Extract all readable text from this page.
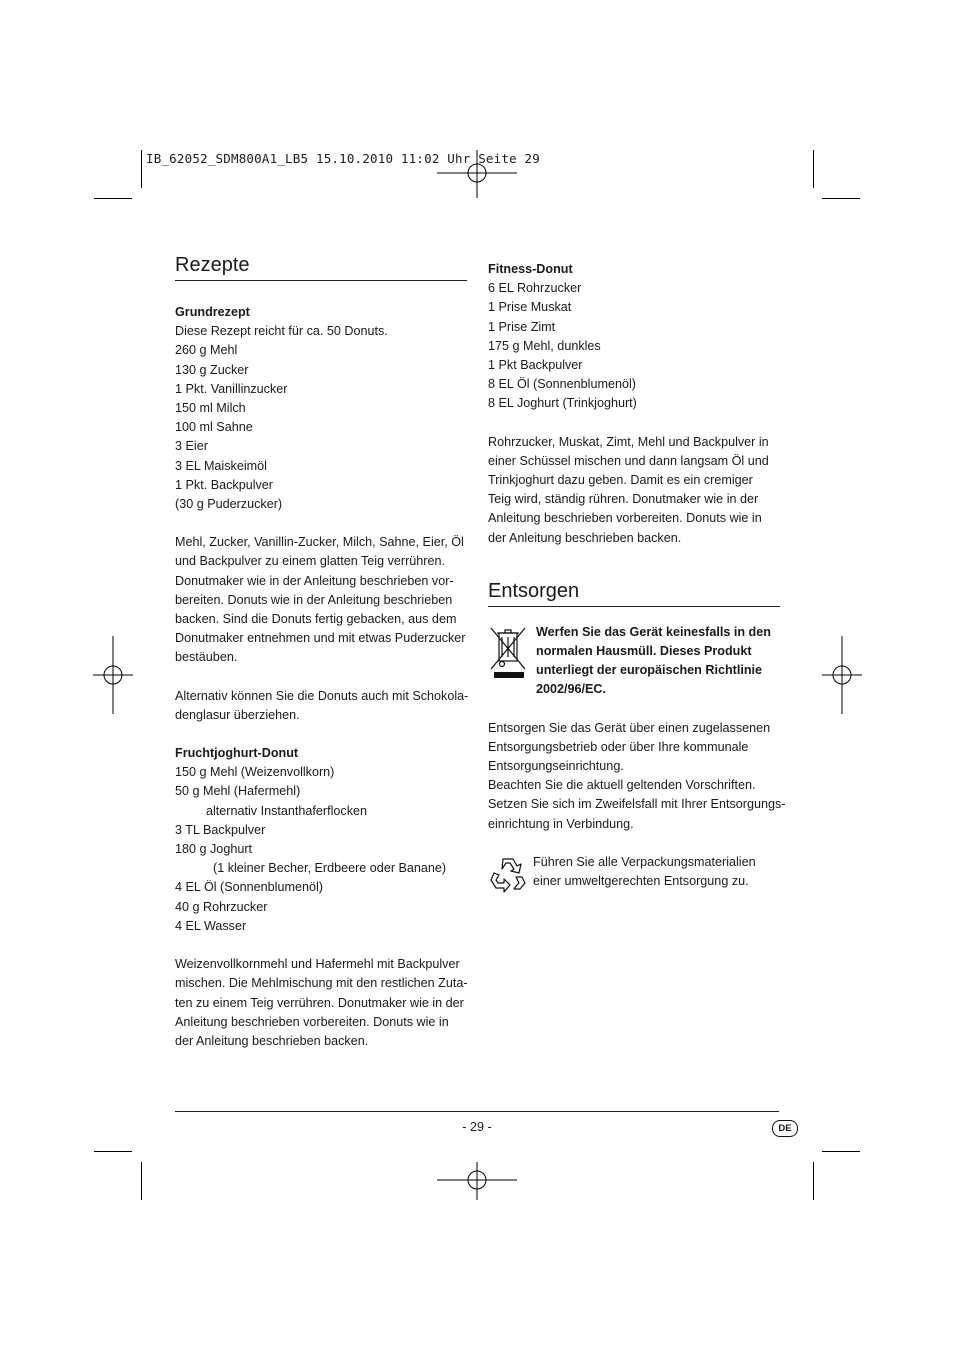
IB_62052_SDM800A1_LB5 15.10.2010 11:02 Uhr Seite 29
Rezepte
Grundrezept
Diese Rezept reicht für ca. 50 Donuts.
260 g Mehl
130 g Zucker
1 Pkt. Vanillinzucker
150 ml Milch
100 ml Sahne
3 Eier
3 EL Maiskeimöl
1 Pkt. Backpulver
(30 g Puderzucker)
Mehl, Zucker, Vanillin-Zucker, Milch, Sahne, Eier, Öl
und Backpulver zu einem glatten Teig verrühren.
Donutmaker wie in der Anleitung beschrieben vor-
bereiten. Donuts wie in der Anleitung beschrieben
backen. Sind die Donuts fertig gebacken, aus dem
Donutmaker entnehmen und mit etwas Puderzucker
bestäuben.
Alternativ können Sie die Donuts auch mit Schokola-
denglasur überziehen.
Fruchtjoghurt-Donut
150 g Mehl (Weizenvollkorn)
50 g Mehl (Hafermehl)
alternativ Instanthaferflocken
3 TL Backpulver
180 g Joghurt
(1 kleiner Becher, Erdbeere oder Banane)
4 EL Öl (Sonnenblumenöl)
40 g Rohrzucker
4 EL Wasser
Weizenvollkornmehl und Hafermehl mit Backpulver
mischen. Die Mehlmischung mit den restlichen Zuta-
ten zu einem Teig verrühren. Donutmaker wie in der
Anleitung beschrieben vorbereiten. Donuts wie in
der Anleitung beschrieben backen.
Fitness-Donut
6 EL Rohrzucker
1 Prise Muskat
1 Prise Zimt
175 g Mehl, dunkles
1 Pkt Backpulver
8 EL Öl (Sonnenblumenöl)
8 EL Joghurt (Trinkjoghurt)
Rohrzucker, Muskat, Zimt, Mehl und Backpulver in
einer Schüssel mischen und dann langsam Öl und
Trinkjoghurt dazu geben. Damit es ein cremiger
Teig wird, ständig rühren. Donutmaker wie in der
Anleitung beschrieben vorbereiten. Donuts wie in
der Anleitung beschrieben backen.
Entsorgen
Werfen Sie das Gerät keinesfalls in den
normalen Hausmüll. Dieses Produkt
unterliegt der europäischen Richtlinie
2002/96/EC.
Entsorgen Sie das Gerät über einen zugelassenen
Entsorgungsbetrieb oder über Ihre kommunale
Entsorgungseinrichtung.
Beachten Sie die aktuell geltenden Vorschriften.
Setzen Sie sich im Zweifelsfall mit Ihrer Entsorgungs-
einrichtung in Verbindung.
Führen Sie alle Verpackungsmaterialien
einer umweltgerechten Entsorgung zu.
- 29 -	DE
